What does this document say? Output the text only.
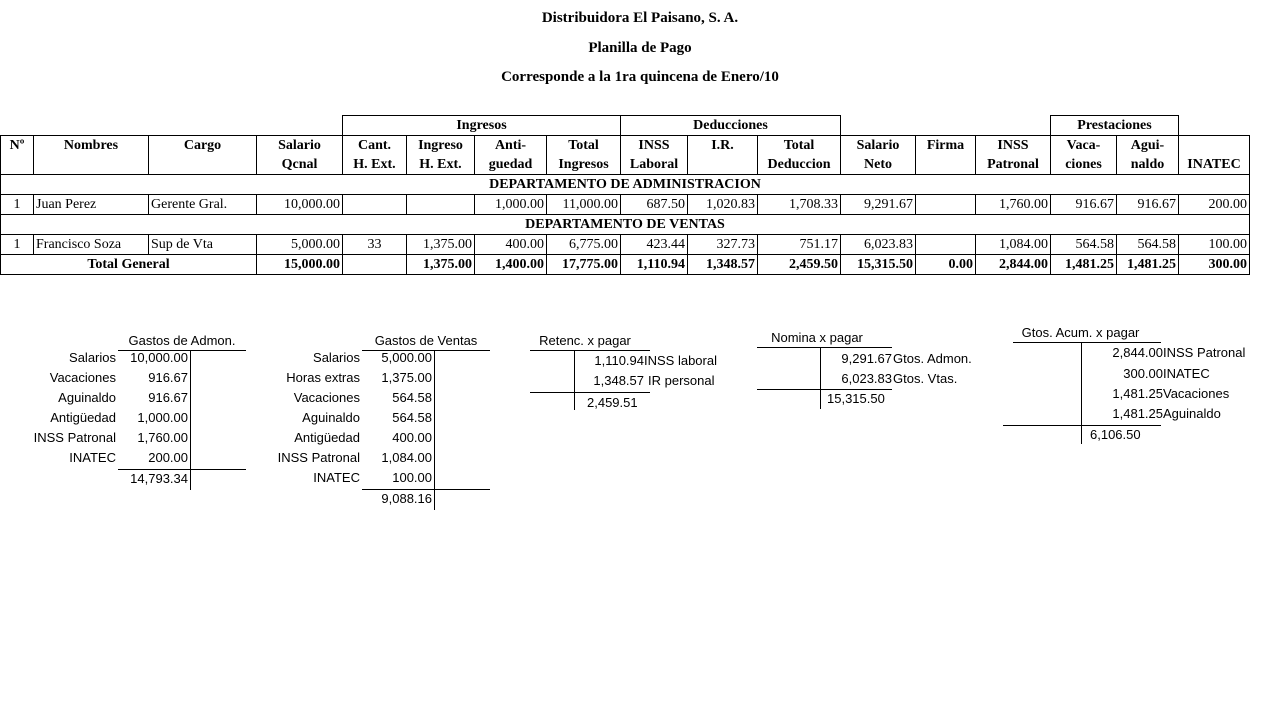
Distribuidora El Paisano, S. A.
Planilla de Pago
Corresponde a la 1ra quincena de Enero/10
				Ingresos				Deducciones						Prestaciones		
Nº	Nombres	Cargo	Salario	Cant.	Ingreso	Anti-	Total	INSS	I.R.	Total	Salario	Firma	INSS	Vaca-	Agui-	
			Qcnal	H. Ext.	H. Ext.	guedad	Ingresos	Laboral		Deduccion	Neto		Patronal	ciones	naldo	INATEC
DEPARTAMENTO DE ADMINISTRACION																
1	Juan Perez	Gerente Gral.	10,000.00			1,000.00	11,000.00	687.50	1,020.83	1,708.33	9,291.67		1,760.00	916.67	916.67	200.00
DEPARTAMENTO DE VENTAS																
1	Francisco Soza	Sup de Vta	5,000.00	33	1,375.00	400.00	6,775.00	423.44	327.73	751.17	6,023.83		1,084.00	564.58	564.58	100.00
Total General			15,000.00		1,375.00	1,400.00	17,775.00	1,110.94	1,348.57	2,459.50	15,315.50	0.00	2,844.00	1,481.25	1,481.25	300.00
Gastos de Admon.
Salarios	10,000.00
Vacaciones	916.67
Aguinaldo	916.67
Antigüedad	1,000.00
INSS Patronal	1,760.00
INATEC	200.00
14,793.34
Gastos de Ventas
Salarios	5,000.00
Horas extras	1,375.00
Vacaciones	564.58
Aguinaldo	564.58
Antigüedad	400.00
INSS Patronal	1,084.00
INATEC	100.00
9,088.16
Retenc. x pagar
1,110.94 INSS laboral
1,348.57 IR personal
2,459.51
Nomina x pagar
9,291.67 Gtos. Admon.
6,023.83 Gtos. Vtas.
15,315.50
Gtos. Acum. x pagar
2,844.00 INSS Patronal
300.00 INATEC
1,481.25 Vacaciones
1,481.25 Aguinaldo
6,106.50
